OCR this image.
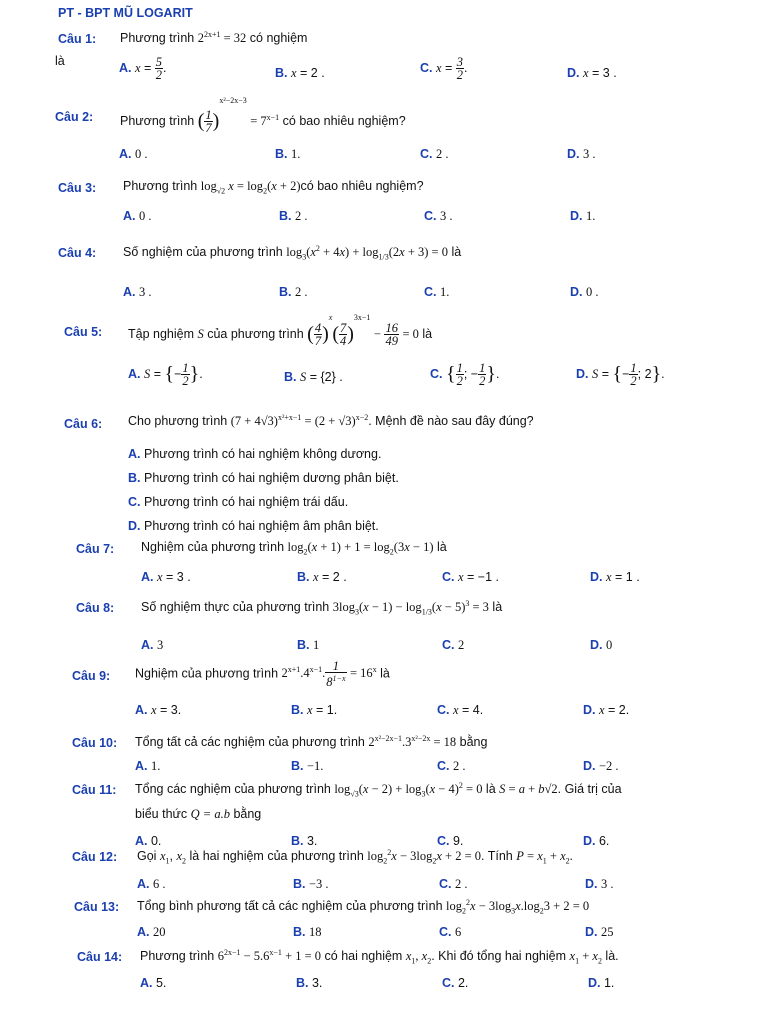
PT - BPT MŨ LOGARIT
Câu 1: Phương trình $2^{2x+1} = 32$ có nghiệm
là	A. $x = \frac{5}{2}$ .	B. x = 2 .	C. $x = \frac{3}{2}$ .	D. x = 3 .
Câu 2: Phương trình ( $\frac{1}{7} )^{x^2-2x-3} = 7^{x-1}$ có bao nhiêu nghiệm?
A. 0 .	B. 1.	C. 2 .	D. 3 .
Câu 3: Phương trình $\log_{√2} x = \log_2(x$ + 2)có bao nhiêu nghiệm?
A. 0 .	B. 2 .	C. 3 .	D. 1.
Câu 4: Số nghiệm của phương trình $\log_3(x^2 + 4x) + \log_{1/3}(2x + 3) = 0$ là
A. 3 .	B. 2 .	C. 1.	D. 0 .
Câu 5: Tập nghiệm S của phương trình ( $\frac{4}{7} )^x( \frac{7}{4} )^{3x-1} - \frac{16}{49} = 0$ là
A. S = {− $\frac{1}{2}$ }.	B. S = {2} .	C. { $\frac{1}{2}$ ; − $\frac{1}{2}$ }.	D. S = {− $\frac{1}{2}$ ; 2}.
Câu 6: Cho phương trình $(7 + 4√3)^{x^2+x-1} = (2 + √3)^{x-2}$. Mệnh đề nào sau đây đúng?
A. Phương trình có hai nghiệm không dương.
B. Phương trình có hai nghiệm dương phân biệt.
C. Phương trình có hai nghiệm trái dấu.
D. Phương trình có hai nghiệm âm phân biệt.
Câu 7: Nghiệm của phương trình $\log_2(x + 1) + 1 = \log_2(3x - 1)$ là
A. x = 3 .	B. x = 2 .	C. x = −1 .	D. x = 1 .
Câu 8: Số nghiệm thực của phương trình $3\log_3(x - 1) - \log_{1/3}(x - 5)^3 = 3$ là
A. 3	B. 1	C. 2	D. 0
Câu 9: Nghiệm của phương trình $2^{x+1}.4^{x-1}$. $\frac{1}{8^{1-x}} = 16^x$ là
A. x = 3.	B. x = 1.	C. x = 4.	D. x = 2.
Câu 10: Tổng tất cả các nghiệm của phương trình $2^{x^2-2x-1}.3^{x^2-2x} = 18$ bằng
A. 1.	B. −1.	C. 2 .	D. −2 .
Câu 11: Tổng các nghiệm của phương trình $\log_{√3}(x - 2) + \log_3(x - 4)^2 = 0$ là S = a + b√2. Giá trị của
biểu thức Q = a.b bằng
A. 0.	B. 3.	C. 9.	D. 6.
Câu 12: Gọi $x_1$, $x_2$ là hai nghiệm của phương trình $\log_2^2x - 3\log_2x + 2 = 0$. Tính $P = x_1 + x_2$.
A. 6 .	B. −3 .	C. 2 .	D. 3 .
Câu 13: Tổng bình phương tất cả các nghiệm của phương trình $\log_2^2x - 3\log_3x.\log_23 + 2 = 0$
A. 20	B. 18	C. 6	D. 25
Câu 14: Phương trình $6^{2x-1} - 5.6^{x-1} + 1 = 0$ có hai nghiệm $x_1$, $x_2$. Khi đó tổng hai nghiệm $x_1 + x_2$ là.
A. 5.	B. 3.	C. 2.	D. 1.
